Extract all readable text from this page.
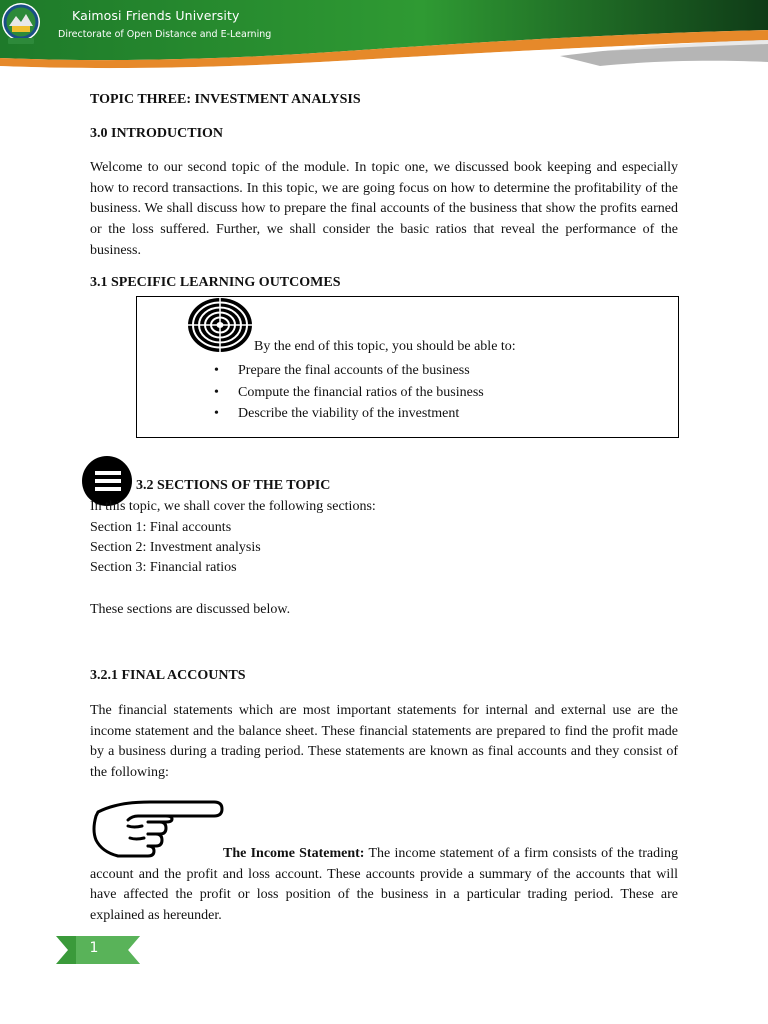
Kaimosi Friends University
Directorate of Open Distance and E-Learning
TOPIC THREE: INVESTMENT ANALYSIS
3.0 INTRODUCTION
Welcome to our second topic of the module. In topic one, we discussed book keeping and especially how to record transactions. In this topic, we are going focus on how to determine the profitability of the business. We shall discuss how to prepare the final accounts of the business that show the profits earned or the loss suffered. Further, we shall consider the basic ratios that reveal the performance of the business.
3.1 SPECIFIC LEARNING OUTCOMES
By the end of this topic, you should be able to:
• Prepare the final accounts of the business
• Compute the financial ratios of the business
• Describe the viability of the investment
3.2 SECTIONS OF THE TOPIC
In this topic, we shall cover the following sections:
Section 1: Final accounts
Section 2: Investment analysis
Section 3: Financial ratios
These sections are discussed below.
3.2.1 FINAL ACCOUNTS
The financial statements which are most important statements for internal and external use are the income statement and the balance sheet. These financial statements are prepared to find the profit made by a business during a trading period. These statements are known as final accounts and they consist of the following:
The Income Statement: The income statement of a firm consists of the trading account and the profit and loss account. These accounts provide a summary of the accounts that will have affected the profit or loss position of the business in a particular trading period. These are explained as hereunder.
1
